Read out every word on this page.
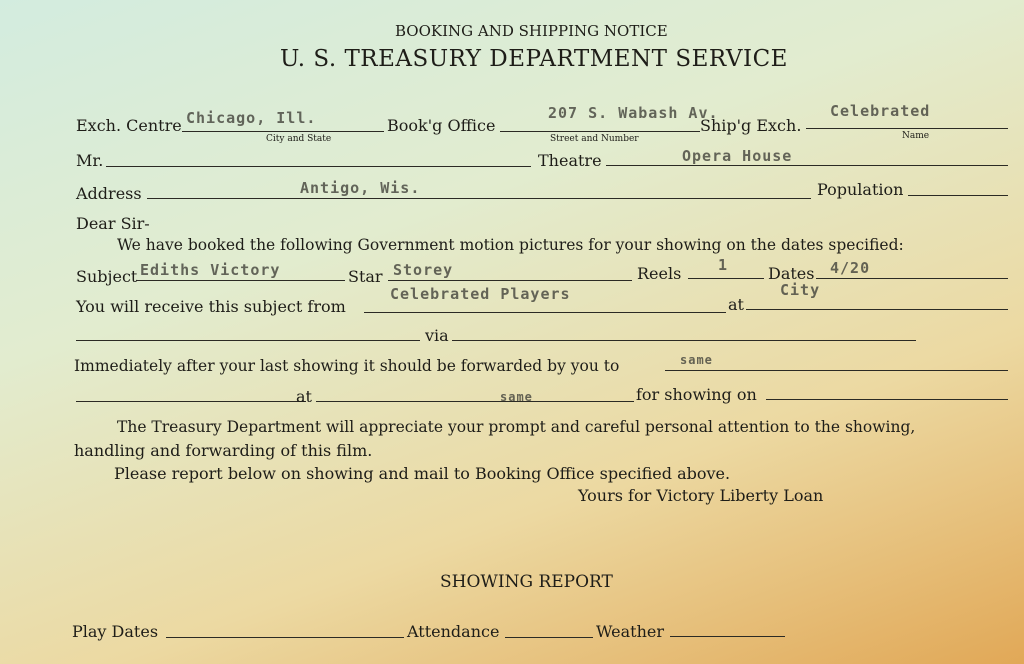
BOOKING AND SHIPPING NOTICE
U. S. TREASURY DEPARTMENT SERVICE
Exch. Centre Chicago, Ill.
City and State
Book'g Office
207 S. Wabash Av.
Street and Number
Ship'g Exch.
Celebrated
Name
Mr.	Theatre	Opera House
Address	Antigo, Wis.	Population
Dear Sir-
We have booked the following Government motion pictures for your showing on the dates specified:
Subject Ediths Victory	Star Storey	Reels 1 Dates 4/20
You will receive this subject from
Celebrated Players
at
City
via
Immediately after your last showing it should be forwarded by you to	same
at	same	for showing on
The Treasury Department will appreciate your prompt and careful personal attention to the showing,
handling and forwarding of this film.
Please report below on showing and mail to Booking Office specified above.
Yours for Victory Liberty Loan
SHOWING REPORT
Play Dates	Attendance	Weather
